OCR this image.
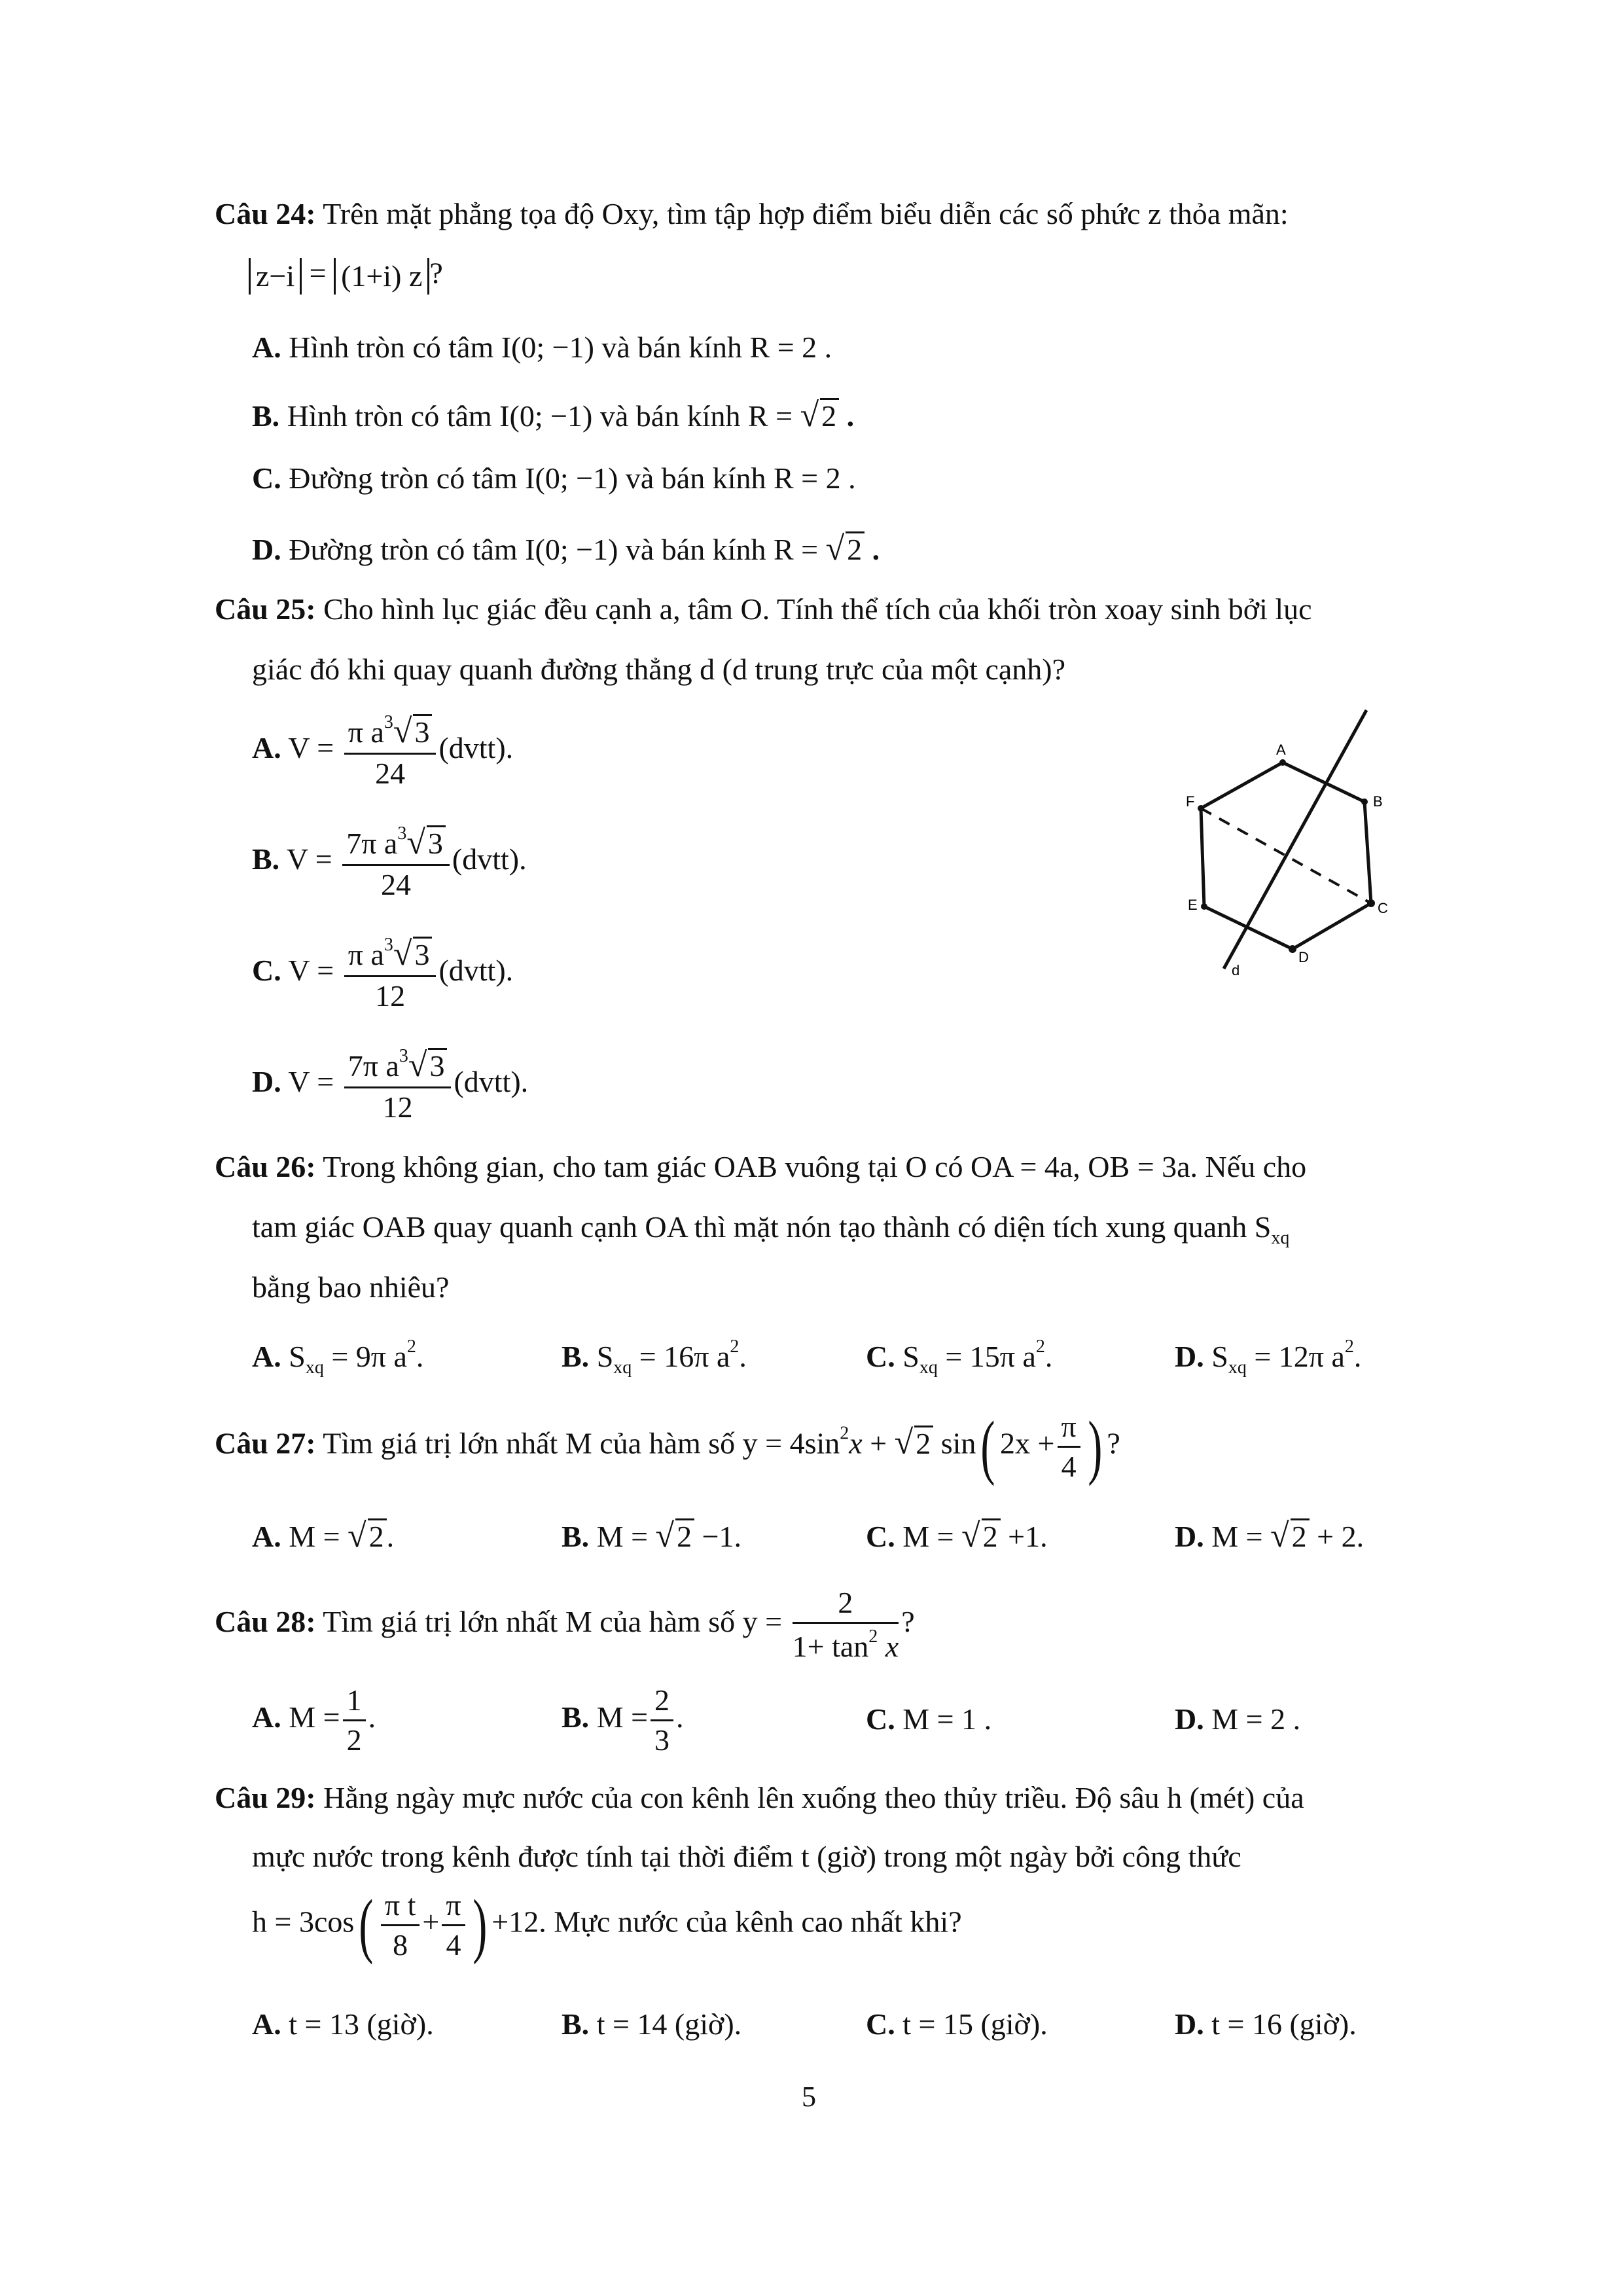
Câu 24: Trên mặt phẳng tọa độ Oxy, tìm tập hợp điểm biểu diễn các số phức z thỏa mãn:
z−i = (1+i) z ?
A. Hình tròn có tâm I(0; −1) và bán kính R = 2 .
B. Hình tròn có tâm I(0; −1) và bán kính R = √2 .
C. Đường tròn có tâm I(0; −1) và bán kính R = 2 .
D. Đường tròn có tâm I(0; −1) và bán kính R = √2 .
Câu 25: Cho hình lục giác đều cạnh a, tâm O. Tính thể tích của khối tròn xoay sinh bởi lục
giác đó khi quay quanh đường thẳng d (d trung trực của một cạnh)?
A. $V = \frac{\pi a^3√3}{24}$ (dvtt).
B. $V = \frac{7\pi a^3√3}{24}$ (dvtt).
C. $V = \frac{\pi a^3√3}{12}$ (dvtt).
D. $V = \frac{7\pi a^3√3}{12}$ (dvtt).
A
B
C
D
E
F
d
Câu 26: Trong không gian, cho tam giác OAB vuông tại O có OA = 4a, OB = 3a. Nếu cho
tam giác OAB quay quanh cạnh OA thì mặt nón tạo thành có diện tích xung quanh $S_{xq}$
bằng bao nhiêu?
A. $S_{xq} = 9\pi$ $a^2$.	B. $S_{xq} = 16\pi$ $a^2$.	C. $S_{xq} = 15\pi$ $a^2$.	D. $S_{xq} = 12\pi$ $a^2$.
Câu 27: Tìm giá trị lớn nhất M của hàm số $y = 4\sin^2x + √2$ sin( $2x + \frac{\pi}{4}$ ) ?
A. M = √2.	B. M = √2 −1.	C. M = √2 +1.	D. M = √2 + 2.
Câu 28: Tìm giá trị lớn nhất M của hàm số $y = \frac{2}{1+ \tan^2 x}$ ?
A. $M = \frac{1}{2}$ .	B. $M = \frac{2}{3}$ .	C. M = 1 .	D. M = 2 .
Câu 29: Hằng ngày mực nước của con kênh lên xuống theo thủy triều. Độ sâu h (mét) của
mực nước trong kênh được tính tại thời điểm t (giờ) trong một ngày bởi công thức
$h = 3\cos( \frac{\text{π t}}{8} + \frac{\pi}{4}$ ) +12. Mực nước của kênh cao nhất khi?
A. t = 13 (giờ).	B. t = 14 (giờ).	C. t = 15 (giờ).	D. t = 16 (giờ).
5
